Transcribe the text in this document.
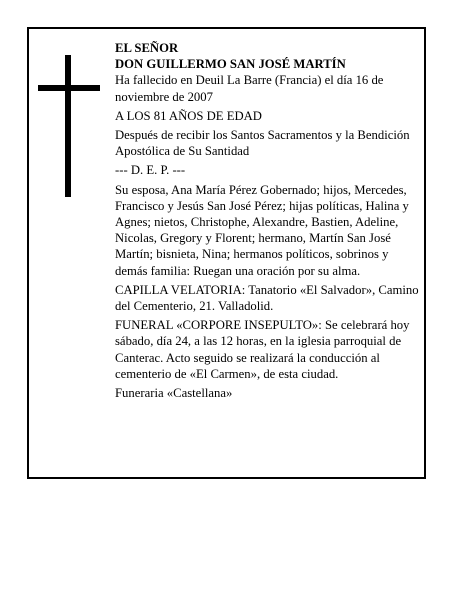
EL SEÑOR

DON GUILLERMO SAN JOSÉ MARTÍN

Ha fallecido en Deuil La Barre (Francia) el día 16 de noviembre de 2007

A LOS 81 AÑOS DE EDAD

Después de recibir los Santos Sacramentos y la Bendición Apostólica de Su Santidad

--- D. E. P. ---

Su esposa, Ana María Pérez Gobernado; hijos, Mercedes, Francisco y Jesús San José Pérez; hijas políticas, Halina y Agnes; nietos, Christophe, Alexandre, Bastien, Adeline, Nicolas, Gregory y Florent; hermano, Martín San José Martín; bisnieta, Nina; hermanos políticos, sobrinos y demás familia: Ruegan una oración por su alma.

CAPILLA VELATORIA: Tanatorio «El Salvador», Camino del Cementerio, 21. Valladolid.

FUNERAL «CORPORE INSEPULTO»: Se celebrará hoy sábado, día 24, a las 12 horas, en la iglesia parroquial de Canterac. Acto seguido se realizará la conducción al cementerio de «El Carmen», de esta ciudad.

Funeraria «Castellana»
